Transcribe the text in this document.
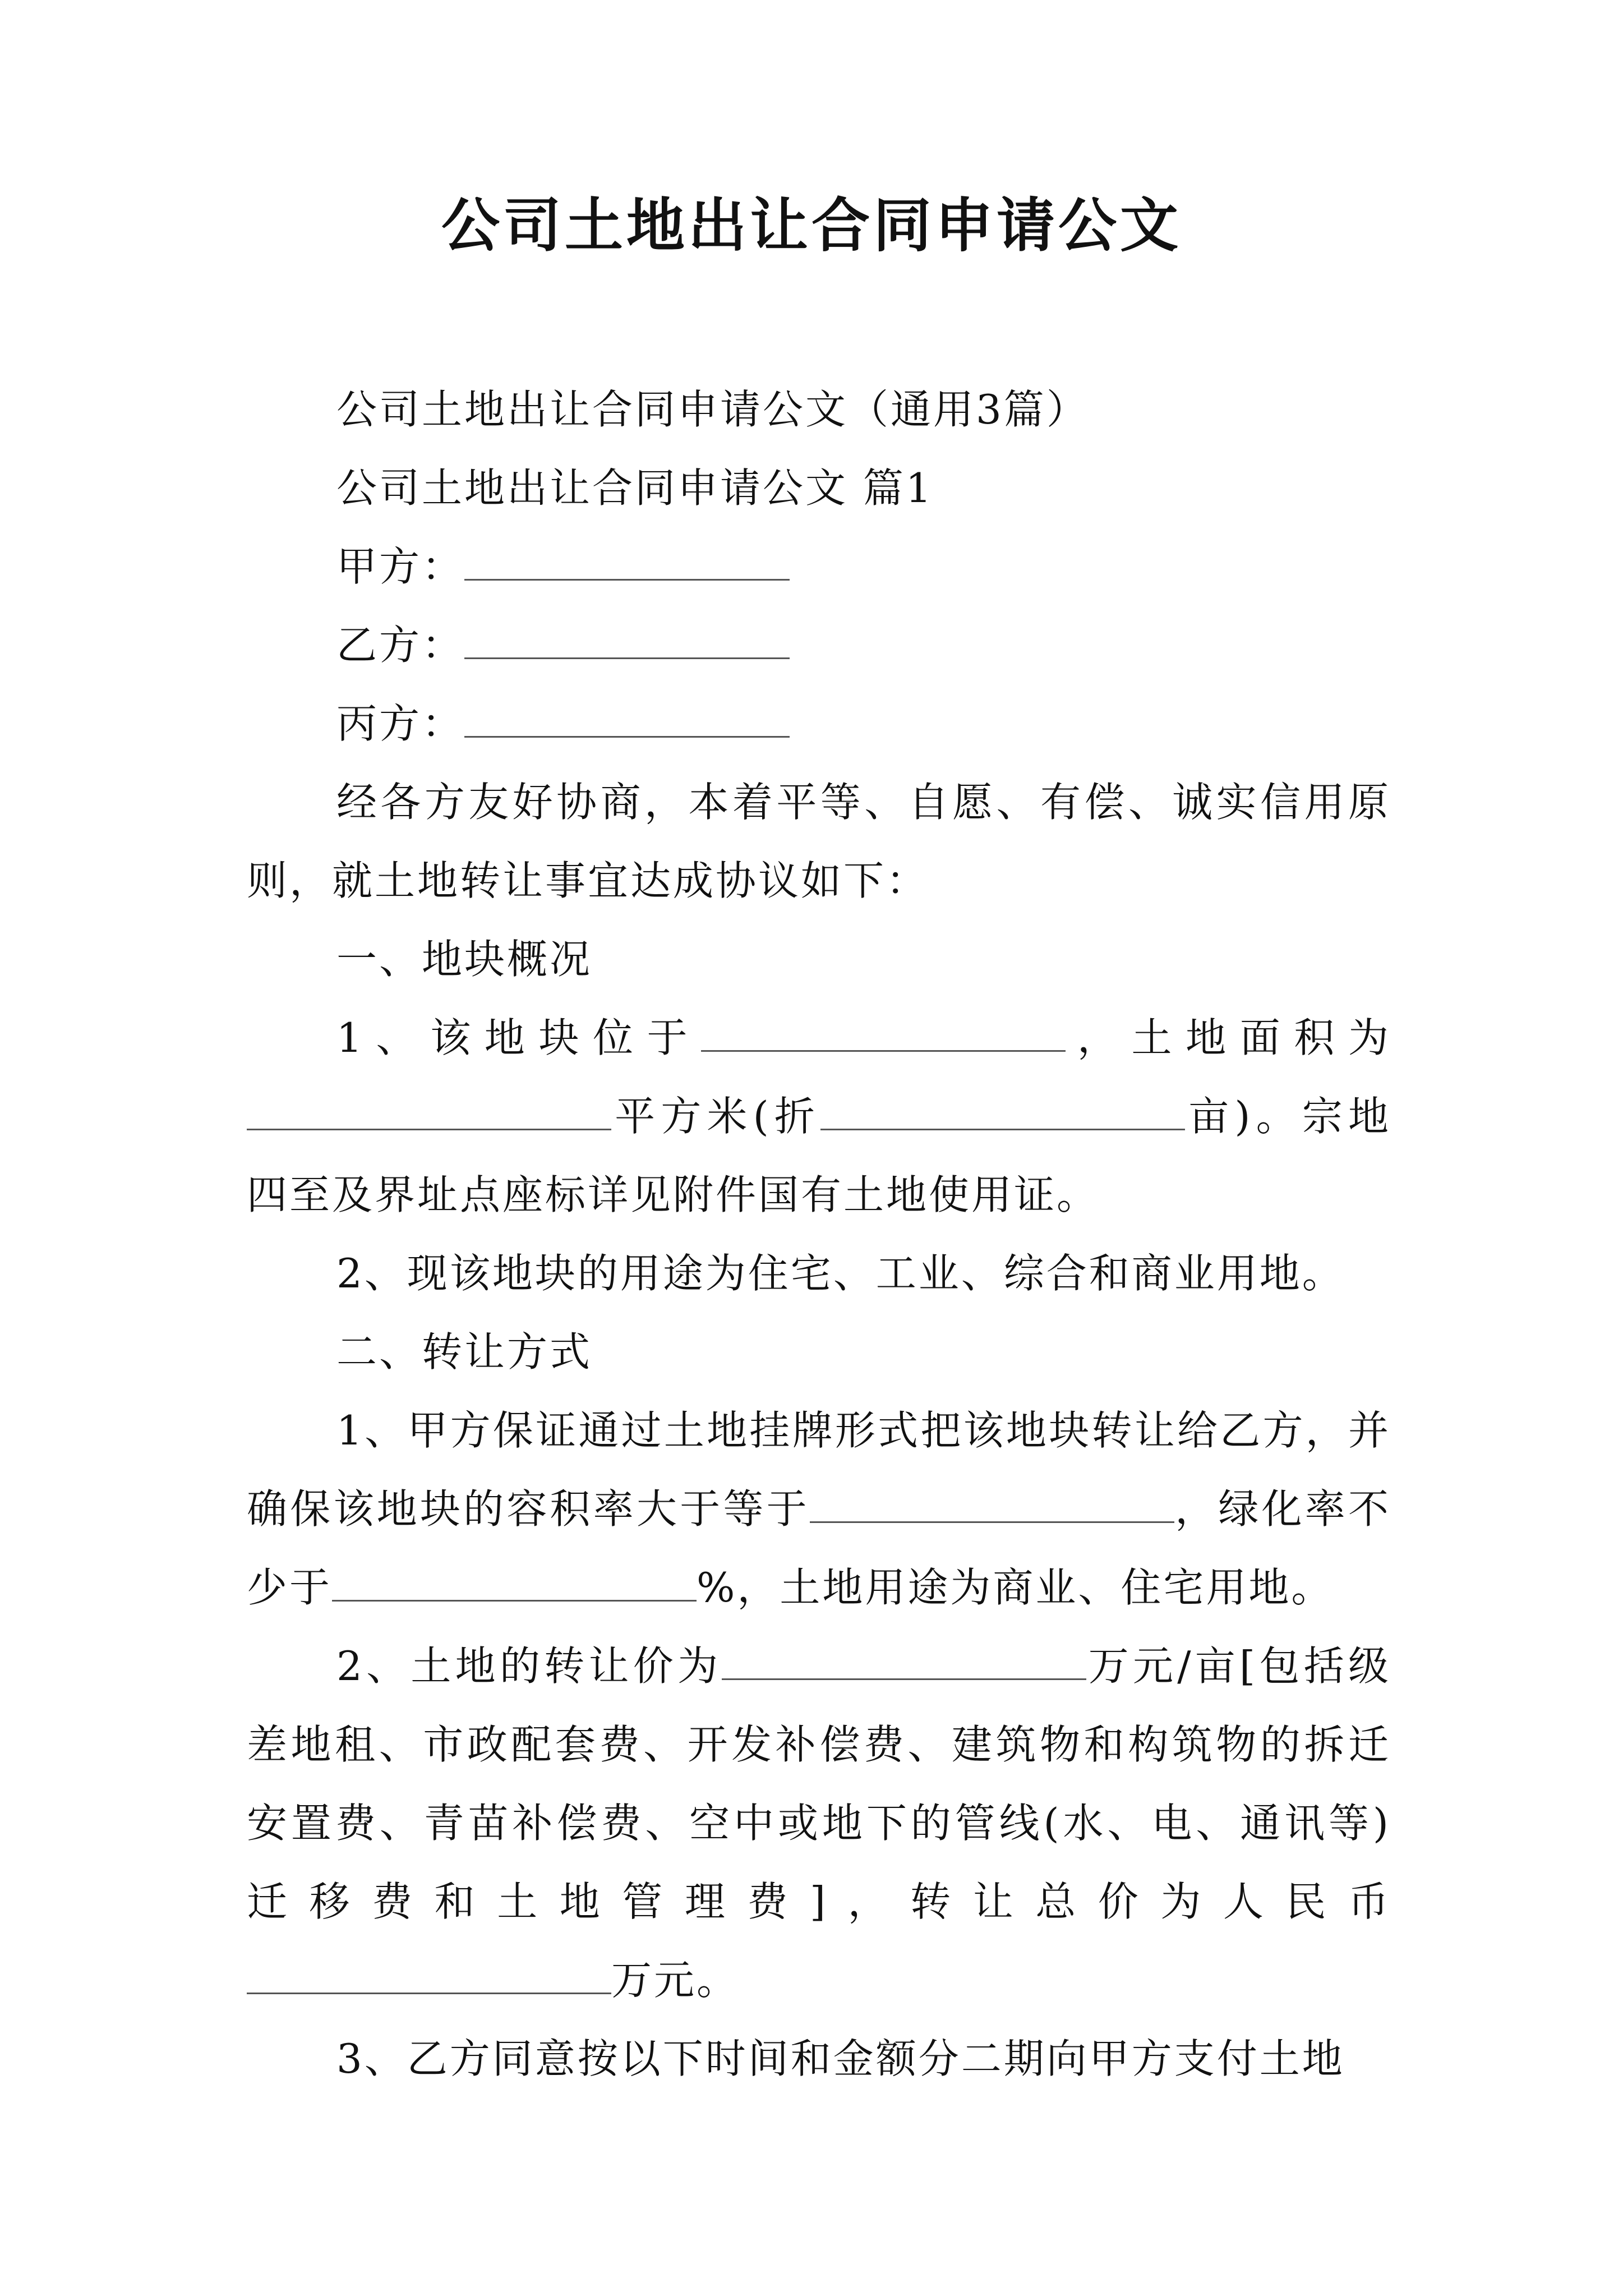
公司土地出让合同申请公文

公司土地出让合同申请公文（通用3篇）

公司土地出让合同申请公文 篇1

甲方：

乙方：

丙方：

经各方友好协商，本着平等、自愿、有偿、诚实信用原则，就土地转让事宜达成协议如下：

一、地块概况

1、该地块位于	，土地面积为平方米(折	亩)。宗地四至及界址点座标详见附件国有土地使用证。

2、现该地块的用途为住宅、工业、综合和商业用地。

二、转让方式

1、甲方保证通过土地挂牌形式把该地块转让给乙方，并确保该地块的容积率大于等于	，绿化率不少于	%，土地用途为商业、住宅用地。

2、土地的转让价为	万元/亩[包括级差地租、市政配套费、开发补偿费、建筑物和构筑物的拆迁安置费、青苗补偿费、空中或地下的管线(水、电、通讯等)迁移费和土地管理费]，转让总价为人民币万元。

3、乙方同意按以下时间和金额分二期向甲方支付土地
